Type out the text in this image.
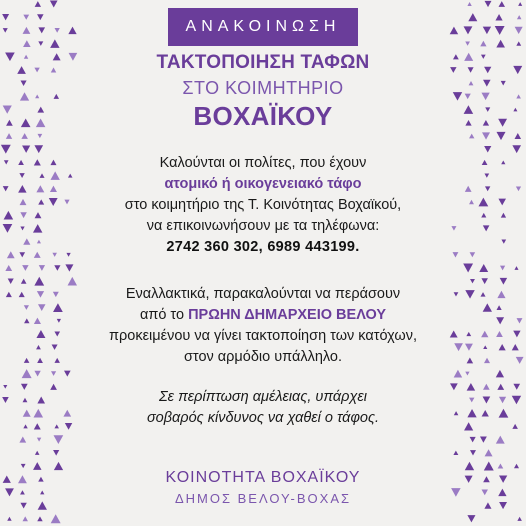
ΑΝΑΚΟΙΝΩΣΗ
ΤΑΚΤΟΠΟΙΗΣΗ ΤΑΦΩΝ
ΣΤΟ ΚΟΙΜΗΤΗΡΙΟ
ΒΟΧΑΪΚΟΥ
Καλούνται οι πολίτες, που έχουν
ατομικό ή οικογενειακό τάφο
στο κοιμητήριο της Τ. Κοινότητας Βοχαϊκού,
να επικοινωνήσουν με τα τηλέφωνα:
2742 360 302, 6989 443199.
Εναλλακτικά, παρακαλούνται να περάσουν
από το ΠΡΩΗΝ ΔΗΜΑΡΧΕΙΟ ΒΕΛΟΥ
προκειμένου να γίνει τακτοποίηση των κατόχων,
στον αρμόδιο υπάλληλο.
Σε περίπτωση αμέλειας, υπάρχει
σοβαρός κίνδυνος να χαθεί ο τάφος.
ΚΟΙΝΟΤΗΤΑ ΒΟΧΑΪΚΟΥ
ΔΗΜΟΣ ΒΕΛΟΥ-ΒΟΧΑΣ
